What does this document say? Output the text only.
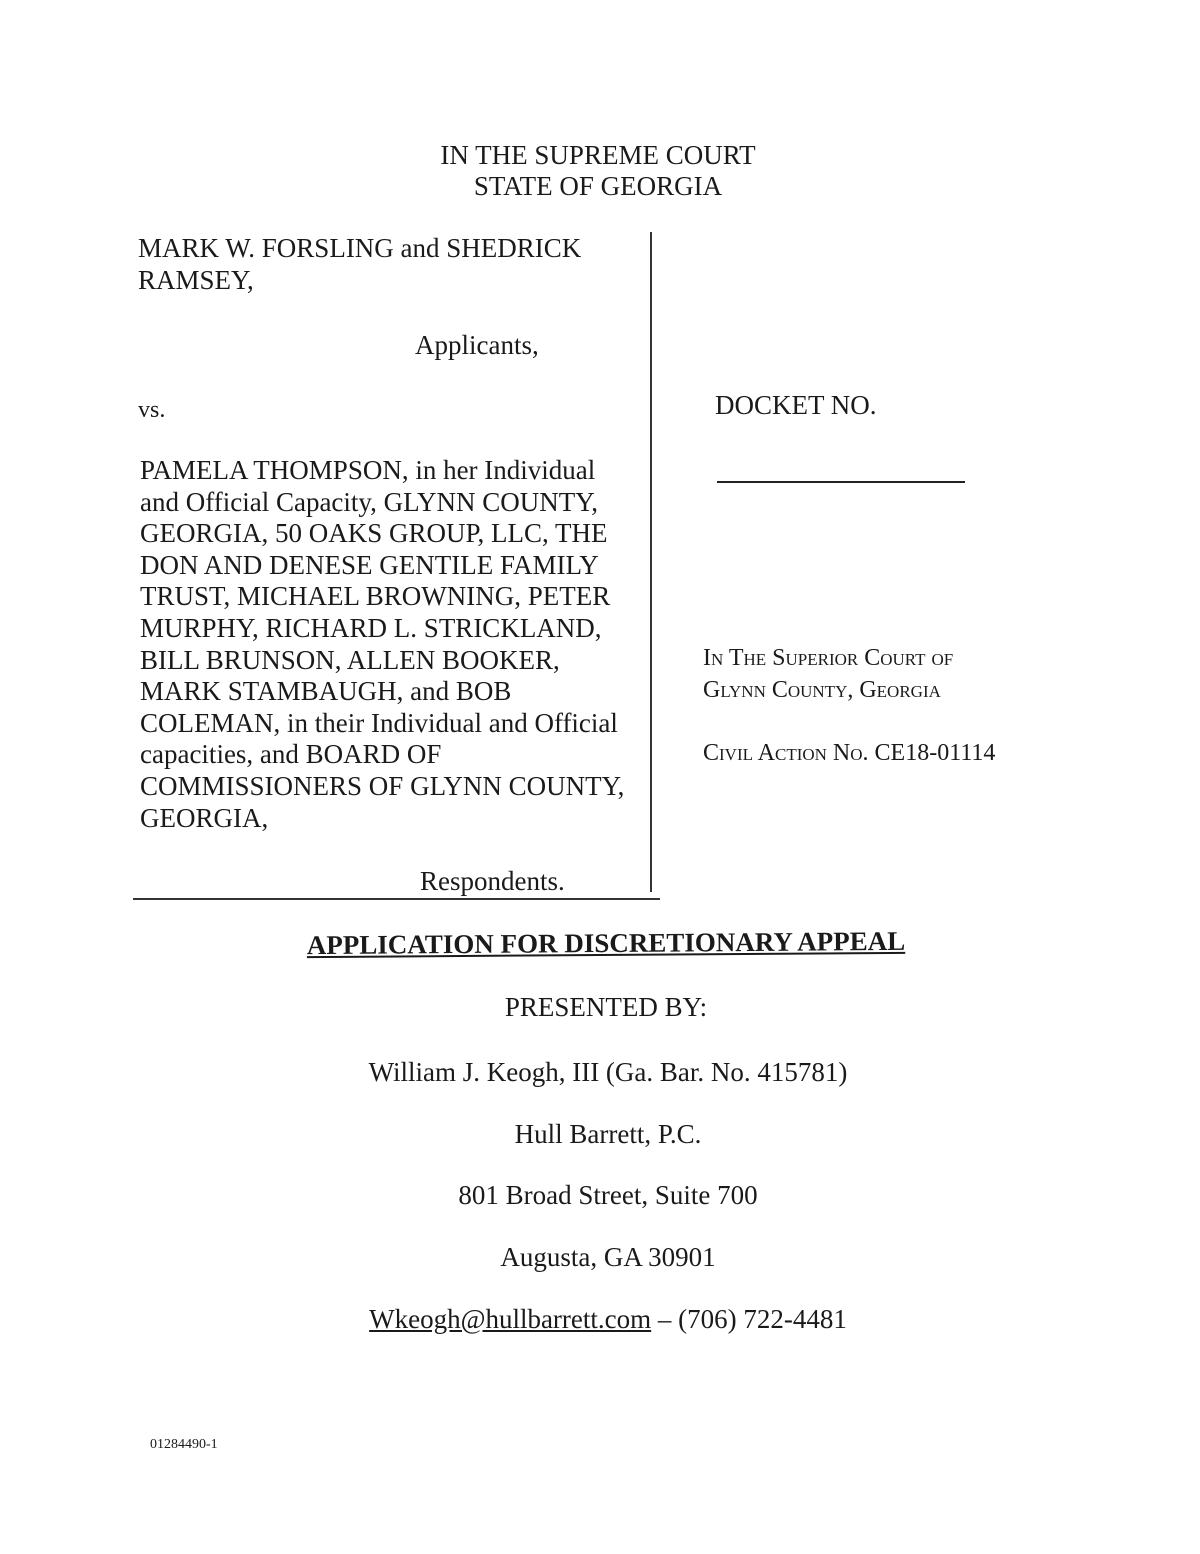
IN THE SUPREME COURT
STATE OF GEORGIA
MARK W. FORSLING and SHEDRICK
RAMSEY,
Applicants,
vs.
PAMELA THOMPSON, in her Individual
and Official Capacity, GLYNN COUNTY,
GEORGIA, 50 OAKS GROUP, LLC, THE
DON AND DENESE GENTILE FAMILY
TRUST, MICHAEL BROWNING, PETER
MURPHY, RICHARD L. STRICKLAND,
BILL BRUNSON, ALLEN BOOKER,
MARK STAMBAUGH, and BOB
COLEMAN, in their Individual and Official
capacities, and BOARD OF
COMMISSIONERS OF GLYNN COUNTY,
GEORGIA,
Respondents.
DOCKET NO.
In The Superior Court of
Glynn County, Georgia
Civil Action No. CE18-01114
APPLICATION FOR DISCRETIONARY APPEAL
PRESENTED BY:
William J. Keogh, III (Ga. Bar. No. 415781)
Hull Barrett, P.C.
801 Broad Street, Suite 700
Augusta, GA 30901
Wkeogh@hullbarrett.com – (706) 722-4481
01284490-1
